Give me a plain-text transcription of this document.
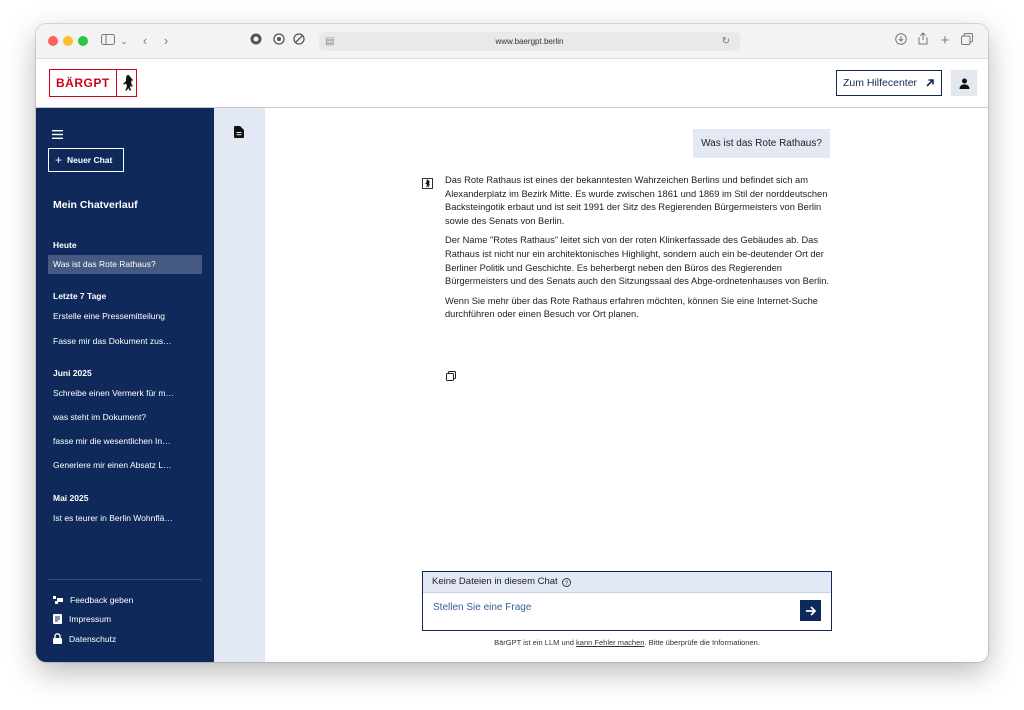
⌄ ‹ ›	▤	www.baergpt.berlin	↻	+
BÄRGPT	Zum Hilfecenter
+ Neuer Chat
Mein Chatverlauf
Heute
Was ist das Rote Rathaus?
Letzte 7 Tage
Erstelle eine Pressemitteilung
Fasse mir das Dokument zus…
Juni 2025
Schreibe einen Vermerk für m…
was steht im Dokument?
fasse mir die wesentlichen In…
Generiere mir einen Absatz L…
Mai 2025
Ist es teurer in Berlin Wohnflä…
Feedback geben
Impressum
Datenschutz
Was ist das Rote Rathaus?

Das Rote Rathaus ist eines der bekanntesten Wahrzeichen Berlins und befindet sich am Alexanderplatz im Bezirk Mitte. Es wurde zwischen 1861 und 1869 im Stil der norddeutschen Backsteingotik erbaut und ist seit 1991 der Sitz des Regierenden Bürgermeisters von Berlin sowie des Senats von Berlin.

Der Name "Rotes Rathaus" leitet sich von der roten Klinkerfassade des Gebäudes ab. Das Rathaus ist nicht nur ein architektonisches Highlight, sondern auch ein be-deutender Ort der Berliner Politik und Geschichte. Es beherbergt neben den Büros des Regierenden Bürgermeisters und des Senats auch den Sitzungssaal des Abge-ordnetenhauses von Berlin.

Wenn Sie mehr über das Rote Rathaus erfahren möchten, können Sie eine Internet-Suche durchführen oder einen Besuch vor Ort planen.

Keine Dateien in diesem Chat ?
Stellen Sie eine Frage
BärGPT ist ein LLM und kann Fehler machen. Bitte überprüfe die Informationen.
